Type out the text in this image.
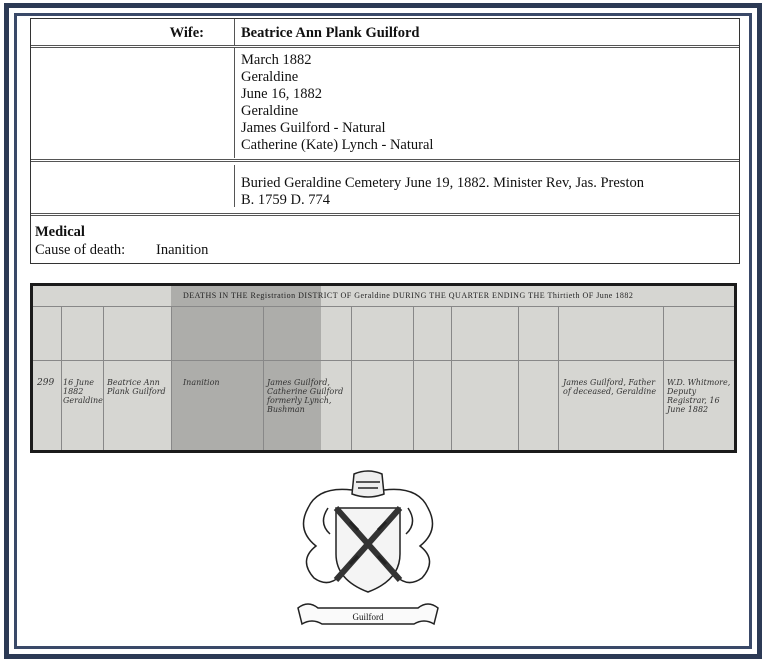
Wife:	Beatrice Ann Plank Guilford
March 1882
Geraldine
June 16, 1882
Geraldine
James Guilford - Natural
Catherine (Kate) Lynch - Natural
Buried Geraldine Cemetery June 19, 1882. Minister Rev, Jas. Preston
B. 1759 D. 774
Medical
Cause of death: Inanition
DEATHS IN THE Registration DISTRICT OF Geraldine DURING THE QUARTER ENDING THE Thirtieth OF June 1882
299 16 June 1882 Geraldine
Beatrice Ann Plank Guilford
Inanition	James Guilford, Catherine Guilford formerly Lynch, Bushman
James Guilford, Father of deceased, Geraldine
W.D. Whitmore, Deputy Registrar, 16 June 1882
Guilford
